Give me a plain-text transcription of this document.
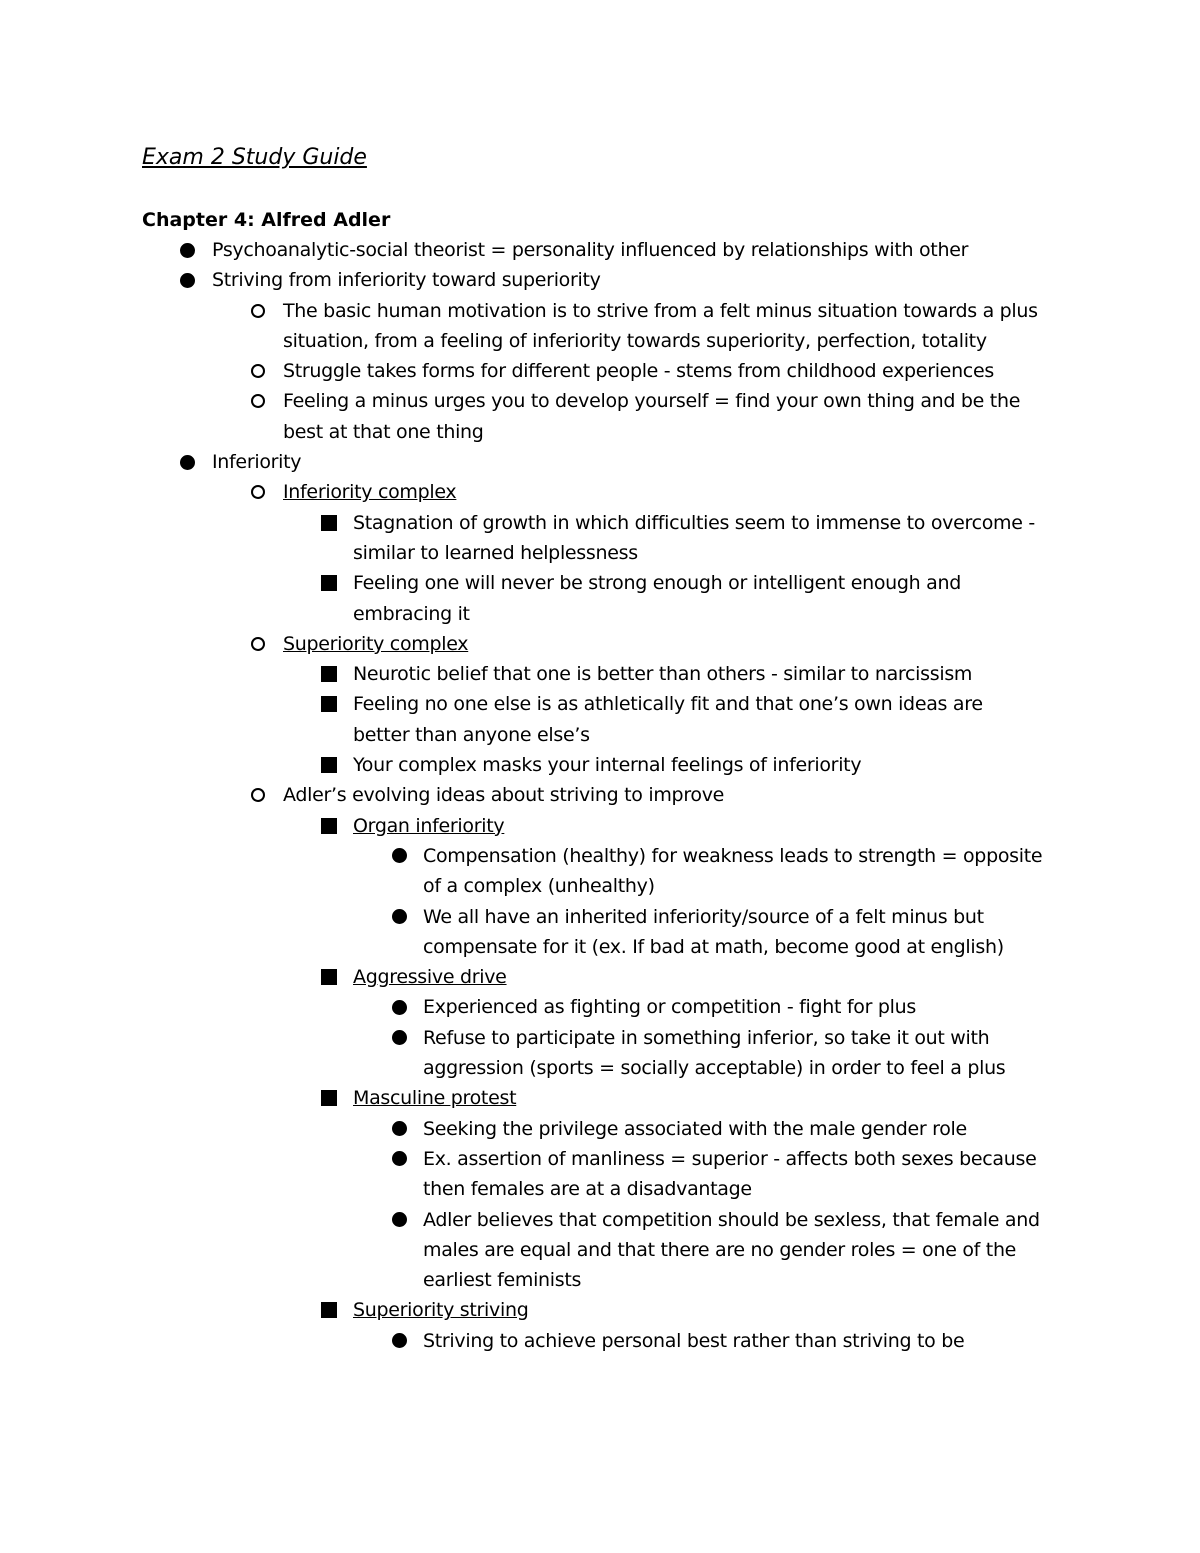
Exam 2 Study Guide
Chapter 4: Alfred Adler
Psychoanalytic-social theorist = personality influenced by relationships with other
Striving from inferiority toward superiority
The basic human motivation is to strive from a felt minus situation towards a plus situation, from a feeling of inferiority towards superiority, perfection, totality
Struggle takes forms for different people - stems from childhood experiences
Feeling a minus urges you to develop yourself = find your own thing and be the best at that one thing
Inferiority
Inferiority complex
Stagnation of growth in which difficulties seem to immense to overcome - similar to learned helplessness
Feeling one will never be strong enough or intelligent enough and embracing it
Superiority complex
Neurotic belief that one is better than others - similar to narcissism
Feeling no one else is as athletically fit and that one’s own ideas are better than anyone else’s
Your complex masks your internal feelings of inferiority
Adler’s evolving ideas about striving to improve
Organ inferiority
Compensation (healthy) for weakness leads to strength = opposite of a complex (unhealthy)
We all have an inherited inferiority/source of a felt minus but compensate for it (ex. If bad at math, become good at english)
Aggressive drive
Experienced as fighting or competition - fight for plus
Refuse to participate in something inferior, so take it out with aggression (sports = socially acceptable) in order to feel a plus
Masculine protest
Seeking the privilege associated with the male gender role
Ex. assertion of manliness = superior - affects both sexes because then females are at a disadvantage
Adler believes that competition should be sexless, that female and males are equal and that there are no gender roles = one of the earliest feminists
Superiority striving
Striving to achieve personal best rather than striving to be
